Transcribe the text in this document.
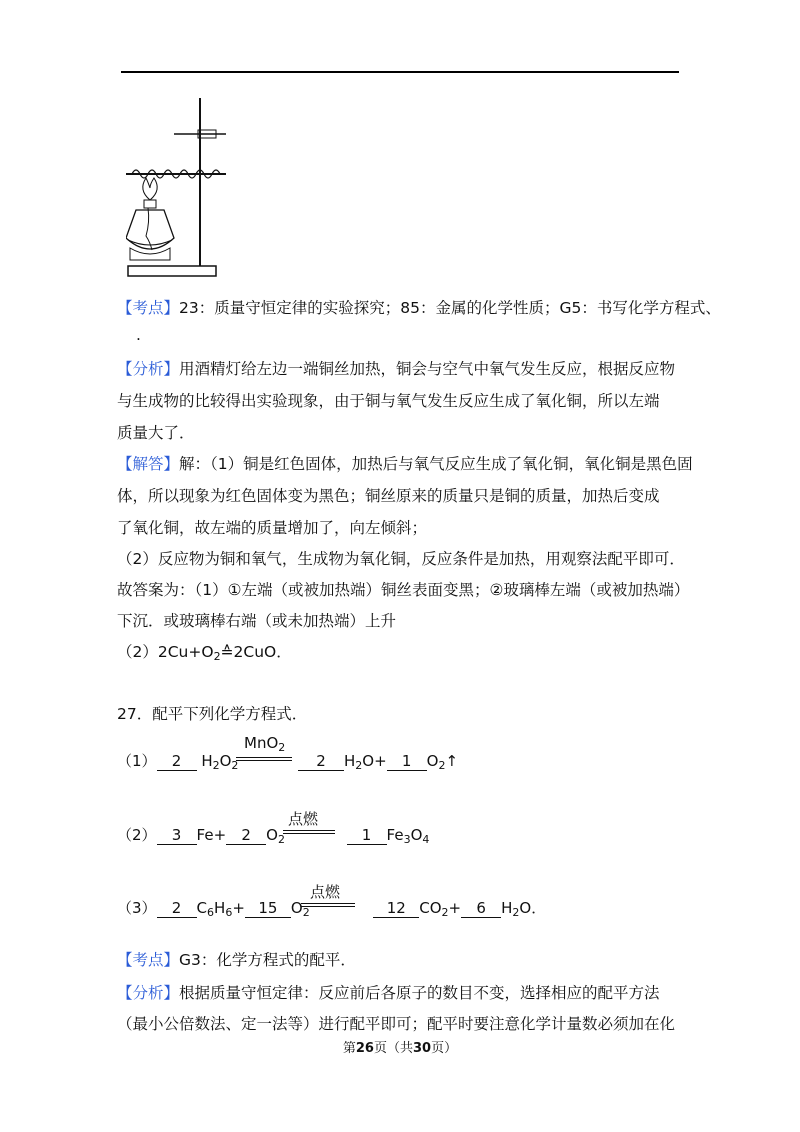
【考点】23：质量守恒定律的实验探究；85：金属的化学性质；G5：书写化学方程式、
.
【分析】用酒精灯给左边一端铜丝加热，铜会与空气中氧气发生反应，根据反应物
与生成物的比较得出实验现象，由于铜与氧气发生反应生成了氧化铜，所以左端
质量大了．
【解答】解：（1）铜是红色固体，加热后与氧气反应生成了氧化铜，氧化铜是黑色固
体，所以现象为红色固体变为黑色；铜丝原来的质量只是铜的质量，加热后变成
了氧化铜，故左端的质量增加了，向左倾斜；
（2）反应物为铜和氧气，生成物为氧化铜，反应条件是加热，用观察法配平即可．
故答案为：（1）①左端（或被加热端）铜丝表面变黑；②玻璃棒左端（或被加热端）
下沉．或玻璃棒右端（或未加热端）上升
$(2)2Cu+O_2≙2CuO$．
27．配平下列化学方程式．
MnO$_2$
（1） 2 $H_2O_2$	2 $H_2O+ 1$ $O_2↑$
点燃
（2） 3 Fe+ 2 $O_2$	1 $Fe_3O_4$
点燃
（3） 2 $C_6H_6+ 15$ $O_2$	12 $CO_2+ 6$ $H_2O$．
【考点】G3：化学方程式的配平．
【分析】根据质量守恒定律：反应前后各原子的数目不变，选择相应的配平方法
（最小公倍数法、定一法等）进行配平即可；配平时要注意化学计量数必须加在化
第26页（共30页）
